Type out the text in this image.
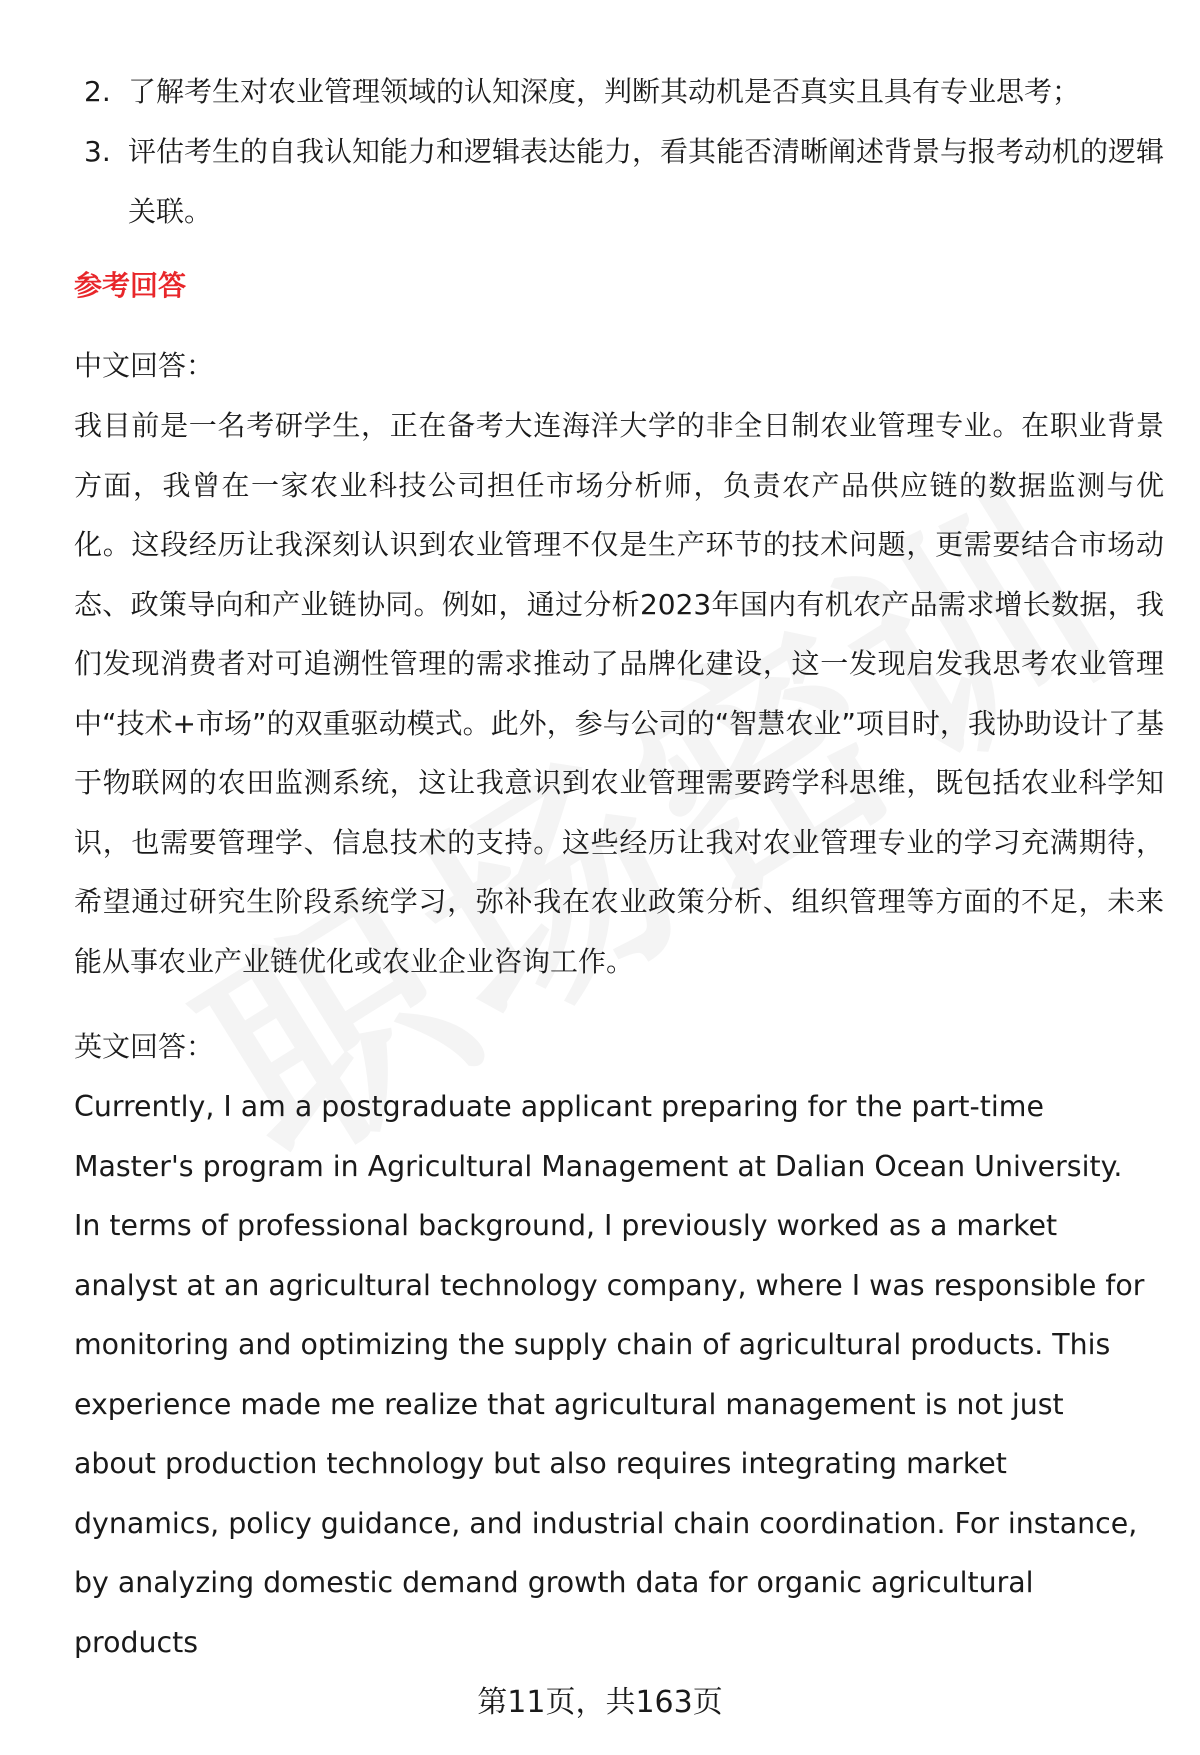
2. 了解考生对农业管理领域的认知深度，判断其动机是否真实且具有专业思考；
3. 评估考生的自我认知能力和逻辑表达能力，看其能否清晰阐述背景与报考动机的逻辑关联。
参考回答
中文回答：

我目前是一名考研学生，正在备考大连海洋大学的非全日制农业管理专业。在职业背景方面，我曾在一家农业科技公司担任市场分析师，负责农产品供应链的数据监测与优化。这段经历让我深刻认识到农业管理不仅是生产环节的技术问题，更需要结合市场动态、政策导向和产业链协同。例如，通过分析2023年国内有机农产品需求增长数据，我们发现消费者对可追溯性管理的需求推动了品牌化建设，这一发现启发我思考农业管理中“技术+市场”的双重驱动模式。此外，参与公司的“智慧农业”项目时，我协助设计了基于物联网的农田监测系统，这让我意识到农业管理需要跨学科思维，既包括农业科学知识，也需要管理学、信息技术的支持。这些经历让我对农业管理专业的学习充满期待，希望通过研究生阶段系统学习，弥补我在农业政策分析、组织管理等方面的不足，未来能从事农业产业链优化或农业企业咨询工作。

英文回答：

Currently, I am a postgraduate applicant preparing for the part-time Master's program in Agricultural Management at Dalian Ocean University. In terms of professional background, I previously worked as a market analyst at an agricultural technology company, where I was responsible for monitoring and optimizing the supply chain of agricultural products. This experience made me realize that agricultural management is not just about production technology but also requires integrating market dynamics, policy guidance, and industrial chain coordination. For instance, by analyzing domestic demand growth data for organic agricultural products

第11页，共163页
